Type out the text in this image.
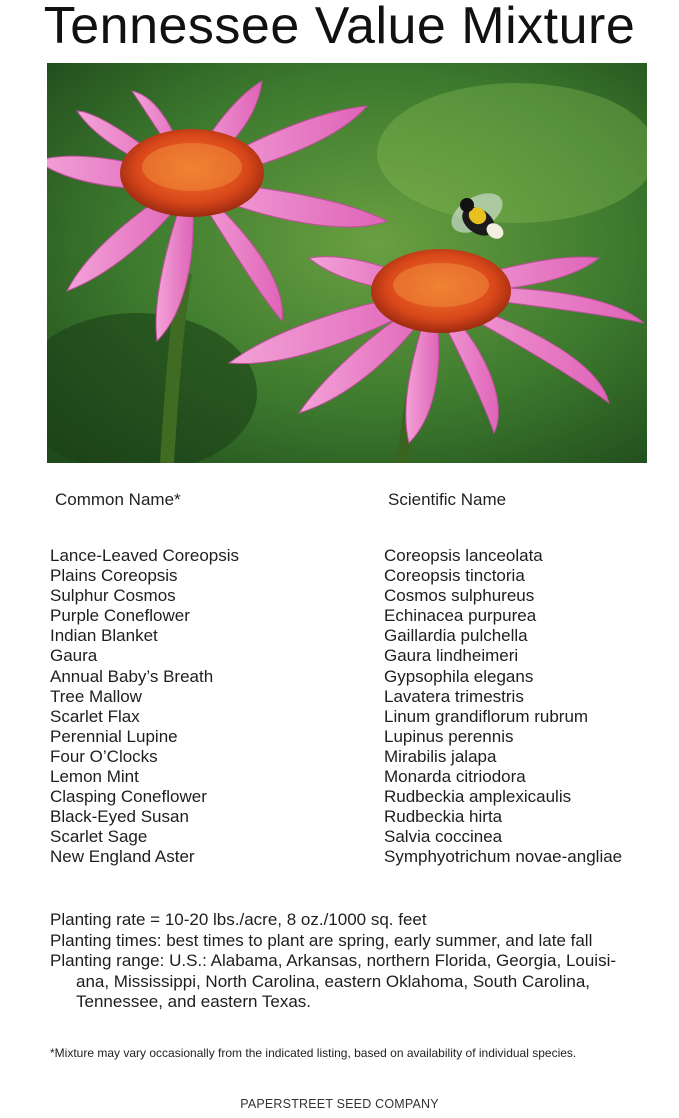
Tennessee Value Mixture
Common Name*	Scientific Name
Lance-Leaved Coreopsis
Plains Coreopsis
Sulphur Cosmos
Purple Coneflower
Indian Blanket
Gaura
Annual Baby’s Breath
Tree Mallow
Scarlet Flax
Perennial Lupine
Four O’Clocks
Lemon Mint
Clasping Coneflower
Black-Eyed Susan
Scarlet Sage
New England Aster
Coreopsis lanceolata
Coreopsis tinctoria
Cosmos sulphureus
Echinacea purpurea
Gaillardia pulchella
Gaura lindheimeri
Gypsophila elegans
Lavatera trimestris
Linum grandiflorum rubrum
Lupinus perennis
Mirabilis jalapa
Monarda citriodora
Rudbeckia amplexicaulis
Rudbeckia hirta
Salvia coccinea
Symphyotrichum novae-angliae

Planting rate = 10-20 lbs./acre, 8 oz./1000 sq. feet

Planting times: best times to plant are spring, early summer, and late fall

Planting range: U.S.: Alabama, Arkansas, northern Florida, Georgia, Louisi-

ana, Mississippi, North Carolina, eastern Oklahoma, South Carolina,

Tennessee, and eastern Texas.

*Mixture may vary occasionally from the indicated listing, based on availability of individual species.
PAPERSTREET SEED COMPANY
